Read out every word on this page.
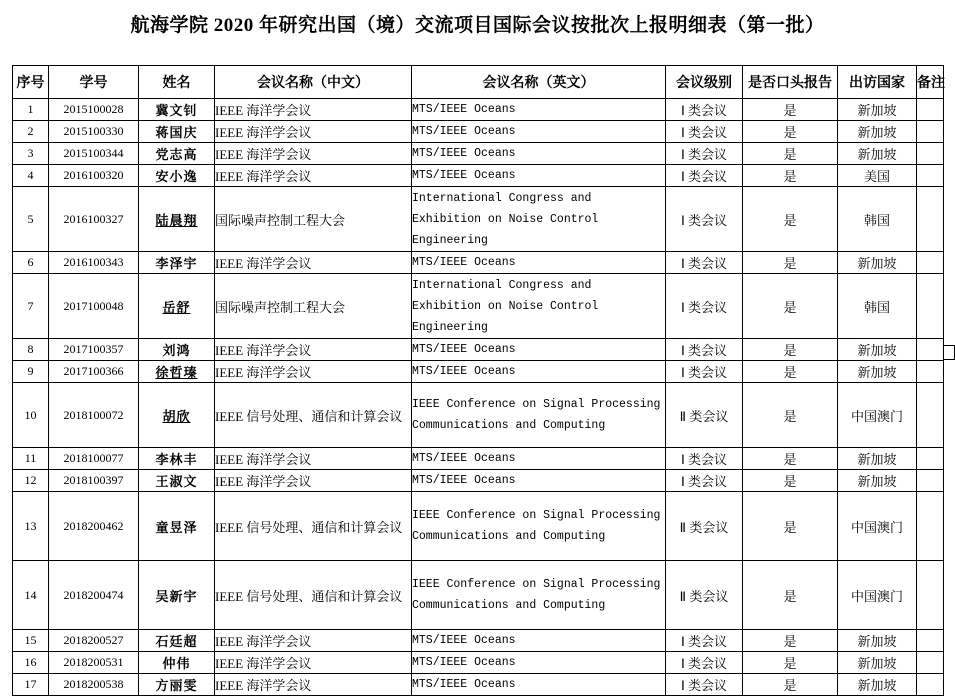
航海学院 2020 年研究出国（境）交流项目国际会议按批次上报明细表（第一批）
序号	学号	姓名	会议名称（中文）	会议名称（英文）	会议级别	是否口头报告	出访国家	备注
1	2015100028	冀文钊	IEEE 海洋学会议	MTS/IEEE Oceans	Ⅰ 类会议	是	新加坡	
2	2015100330	蒋国庆	IEEE 海洋学会议	MTS/IEEE Oceans	Ⅰ 类会议	是	新加坡	
3	2015100344	党志高	IEEE 海洋学会议	MTS/IEEE Oceans	Ⅰ 类会议	是	新加坡	
4	2016100320	安小逸	IEEE 海洋学会议	MTS/IEEE Oceans	Ⅰ 类会议	是	美国	
5	2016100327	陆晨翔	国际噪声控制工程大会	International Congress and Exhibition on Noise Control Engineering	Ⅰ 类会议	是	韩国	
6	2016100343	李泽宇	IEEE 海洋学会议	MTS/IEEE Oceans	Ⅰ 类会议	是	新加坡	
7	2017100048	岳舒	国际噪声控制工程大会	International Congress and Exhibition on Noise Control Engineering	Ⅰ 类会议	是	韩国	
8	2017100357	刘鸿	IEEE 海洋学会议	MTS/IEEE Oceans	Ⅰ 类会议	是	新加坡	
9	2017100366	徐哲瑧	IEEE 海洋学会议	MTS/IEEE Oceans	Ⅰ 类会议	是	新加坡	
10	2018100072	胡欣	IEEE 信号处理、通信和计算会议	IEEE Conference on Signal Processing Communications and Computing	Ⅱ 类会议	是	中国澳门	
11	2018100077	李林丰	IEEE 海洋学会议	MTS/IEEE Oceans	Ⅰ 类会议	是	新加坡	
12	2018100397	王淑文	IEEE 海洋学会议	MTS/IEEE Oceans	Ⅰ 类会议	是	新加坡	
13	2018200462	童昱泽	IEEE 信号处理、通信和计算会议	IEEE Conference on Signal Processing Communications and Computing	Ⅱ 类会议	是	中国澳门	
14	2018200474	吴新宇	IEEE 信号处理、通信和计算会议	IEEE Conference on Signal Processing Communications and Computing	Ⅱ 类会议	是	中国澳门	
15	2018200527	石廷超	IEEE 海洋学会议	MTS/IEEE Oceans	Ⅰ 类会议	是	新加坡	
16	2018200531	仲伟	IEEE 海洋学会议	MTS/IEEE Oceans	Ⅰ 类会议	是	新加坡	
17	2018200538	方丽雯	IEEE 海洋学会议	MTS/IEEE Oceans	Ⅰ 类会议	是	新加坡	
